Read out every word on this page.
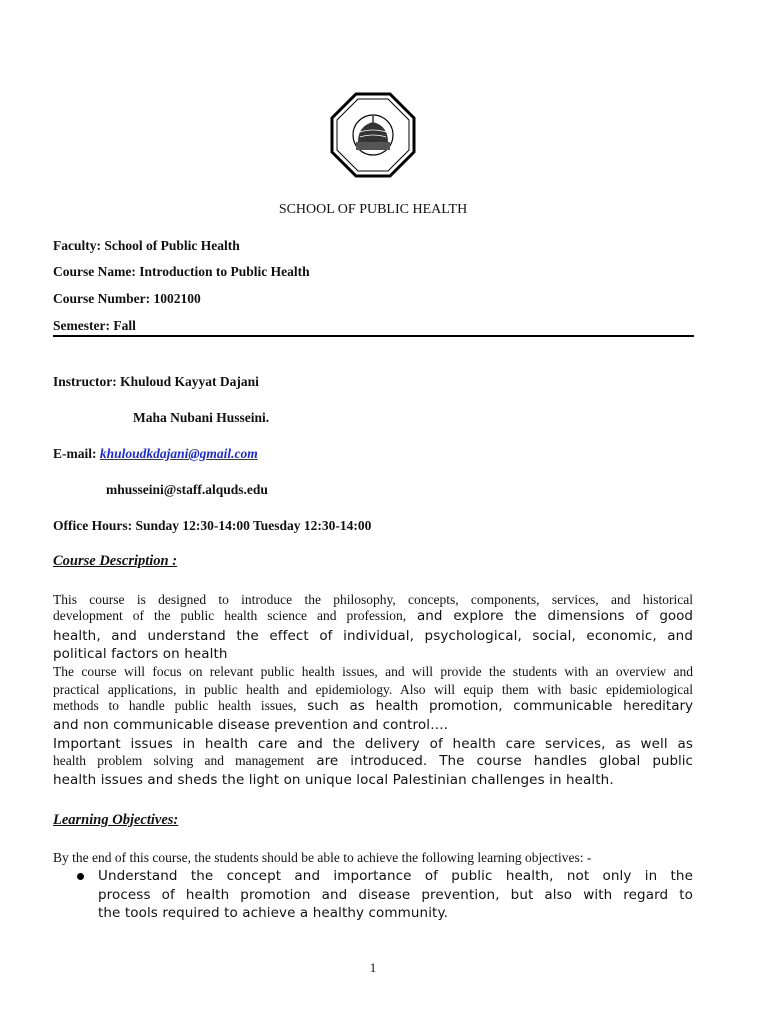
SCHOOL OF PUBLIC HEALTH
Faculty: School of Public Health
Course Name: Introduction to Public Health
Course Number: 1002100
Semester: Fall
Instructor: Khuloud Kayyat Dajani
Maha Nubani Husseini.
E-mail: khuloudkdajani@gmail.com
mhusseini@staff.alquds.edu
Office Hours: Sunday 12:30-14:00 Tuesday 12:30-14:00
Course Description :
This course is designed to introduce the philosophy, concepts, components, services, and historical
development of the public health science and profession, and explore the dimensions of good
health, and understand the effect of individual, psychological, social, economic, and
political factors on health
The course will focus on relevant public health issues, and will provide the students with an overview and
practical applications, in public health and epidemiology. Also will equip them with basic epidemiological
methods to handle public health issues, such as health promotion, communicable hereditary
and non communicable disease prevention and control….
Important issues in health care and the delivery of health care services, as well as
health problem solving and management are introduced. The course handles global public
health issues and sheds the light on unique local Palestinian challenges in health.
Learning Objectives:
By the end of this course, the students should be able to achieve the following learning objectives: -
Understand the concept and importance of public health, not only in the
process of health promotion and disease prevention, but also with regard to
the tools required to achieve a healthy community.
1
